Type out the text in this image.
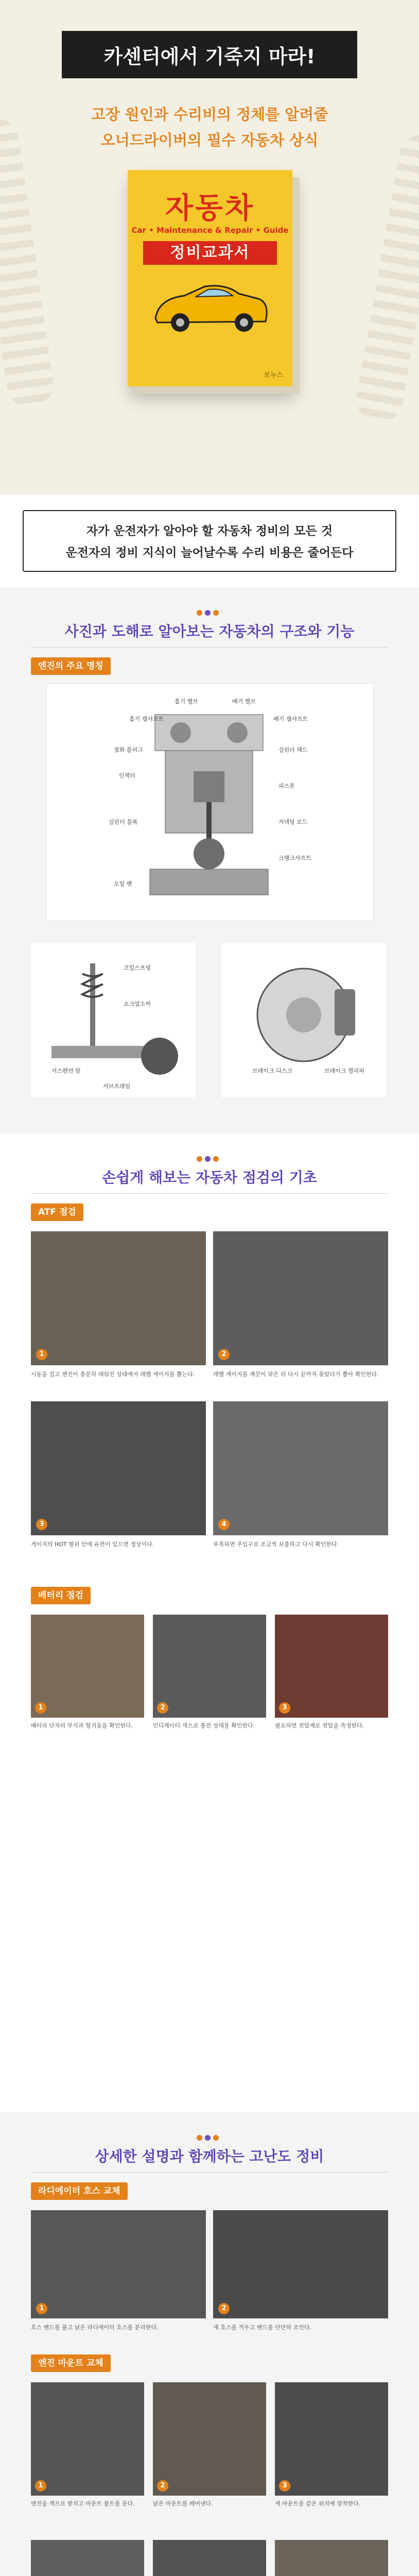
카센터에서 기죽지 마라!
고장 원인과 수리비의 정체를 알려줄
오너드라이버의 필수 자동차 상식
자동차
Car • Maintenance & Repair • Guide
정비교과서
보누스
자가 운전자가 알아야 할 자동차 정비의 모든 것
운전자의 정비 지식이 늘어날수록 수리 비용은 줄어든다
사진과 도해로 알아보는 자동차의 구조와 기능
엔진의 주요 명칭
흡기 밸브
흡기 캠샤프트
배기 밸브
배기 캠샤프트
실린더 헤드
점화 플러그
인젝터
피스톤
커넥팅 로드
크랭크샤프트
실린더 블록
오일 팬
코일스프링
쇼크업소버
서스펜션 암
서브프레임
브레이크 캘리퍼
브레이크 디스크
손쉽게 해보는 자동차 점검의 기초
ATF 점검
1	2
시동을 걸고 엔진이 충분히 데워진 상태에서 레벨 게이지를 뽑는다.	레벨 게이지를 깨끗이 닦은 뒤 다시 끝까지 꽂았다가 뽑아 확인한다.
3	4
게이지의 HOT 범위 안에 유면이 있으면 정상이다.	부족하면 주입구로 조금씩 보충하고 다시 확인한다.
배터리 점검
1	2	3
배터리 단자의 부식과 헐거움을 확인한다.	인디케이터 색으로 충전 상태를 확인한다.	필요하면 전압계로 전압을 측정한다.
상세한 설명과 함께하는 고난도 정비
라디에이터 호스 교체
1	2
호스 밴드를 풀고 낡은 라디에이터 호스를 분리한다.	새 호스를 끼우고 밴드를 단단히 조인다.
엔진 마운트 교체
1	2	3
엔진을 잭으로 받치고 마운트 볼트를 푼다.	낡은 마운트를 떼어낸다.	새 마운트를 같은 위치에 장착한다.
